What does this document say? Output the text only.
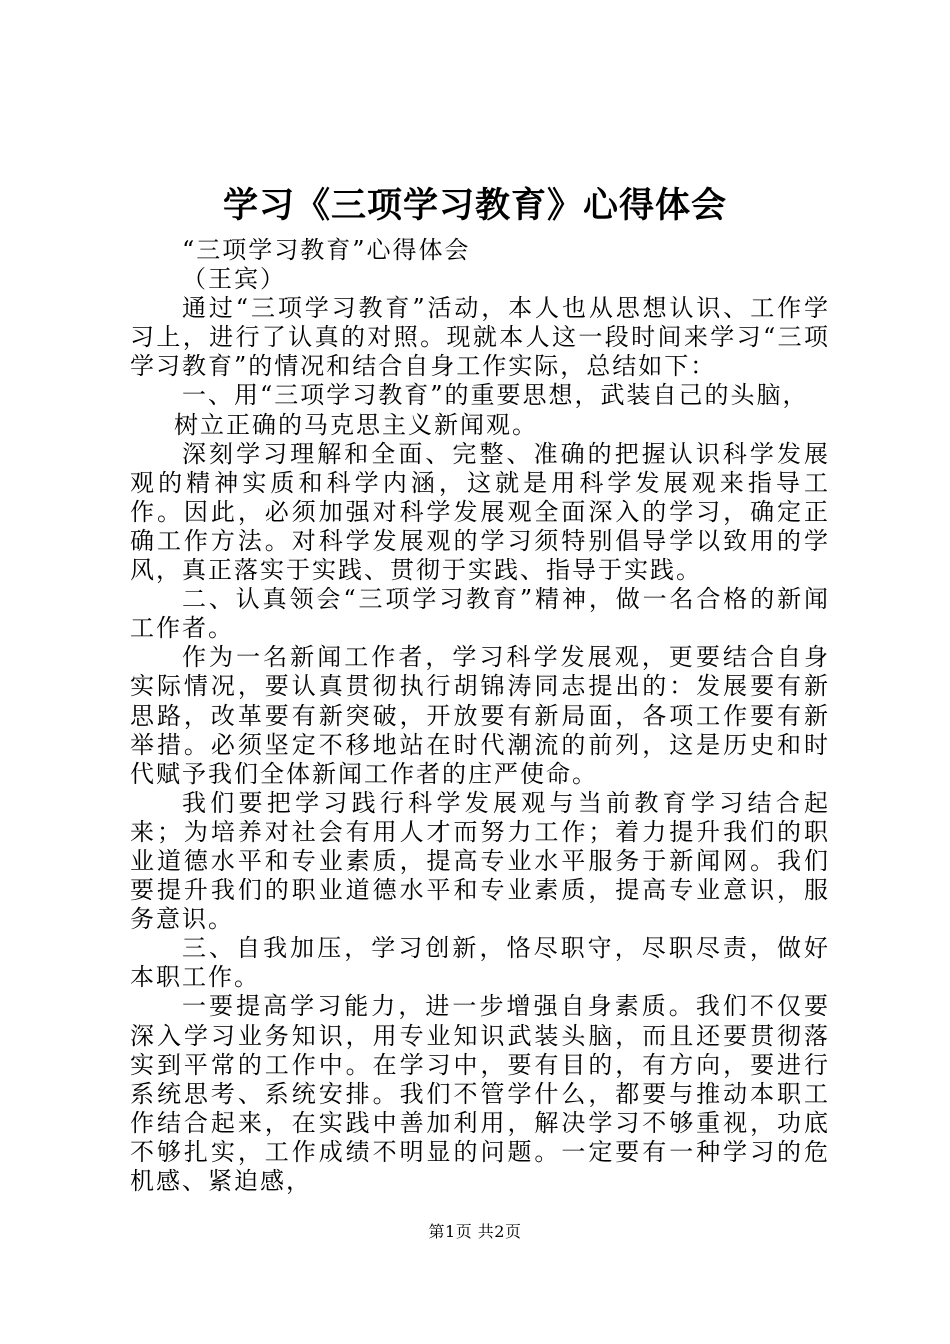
学习《三项学习教育》心得体会

“三项学习教育”心得体会

（王宾）

通过“三项学习教育”活动，本人也从思想认识、工作学习上，进行了认真的对照。现就本人这一段时间来学习“三项学习教育”的情况和结合自身工作实际，总结如下：

一、用“三项学习教育”的重要思想，武装自己的头脑，

树立正确的马克思主义新闻观。

深刻学习理解和全面、完整、准确的把握认识科学发展观的精神实质和科学内涵，这就是用科学发展观来指导工作。因此，必须加强对科学发展观全面深入的学习，确定正确工作方法。对科学发展观的学习须特别倡导学以致用的学风，真正落实于实践、贯彻于实践、指导于实践。

二、认真领会“三项学习教育”精神，做一名合格的新闻工作者。

作为一名新闻工作者，学习科学发展观，更要结合自身实际情况，要认真贯彻执行胡锦涛同志提出的：发展要有新思路，改革要有新突破，开放要有新局面，各项工作要有新举措。必须坚定不移地站在时代潮流的前列，这是历史和时代赋予我们全体新闻工作者的庄严使命。

我们要把学习践行科学发展观与当前教育学习结合起来；为培养对社会有用人才而努力工作；着力提升我们的职业道德水平和专业素质，提高专业水平服务于新闻网。我们要提升我们的职业道德水平和专业素质，提高专业意识，服务意识。

三、自我加压，学习创新，恪尽职守，尽职尽责，做好本职工作。

一要提高学习能力，进一步增强自身素质。我们不仅要深入学习业务知识，用专业知识武装头脑，而且还要贯彻落实到平常的工作中。在学习中，要有目的，有方向，要进行系统思考、系统安排。我们不管学什么，都要与推动本职工作结合起来，在实践中善加利用，解决学习不够重视，功底不够扎实，工作成绩不明显的问题。一定要有一种学习的危机感、紧迫感，

第1页 共2页
